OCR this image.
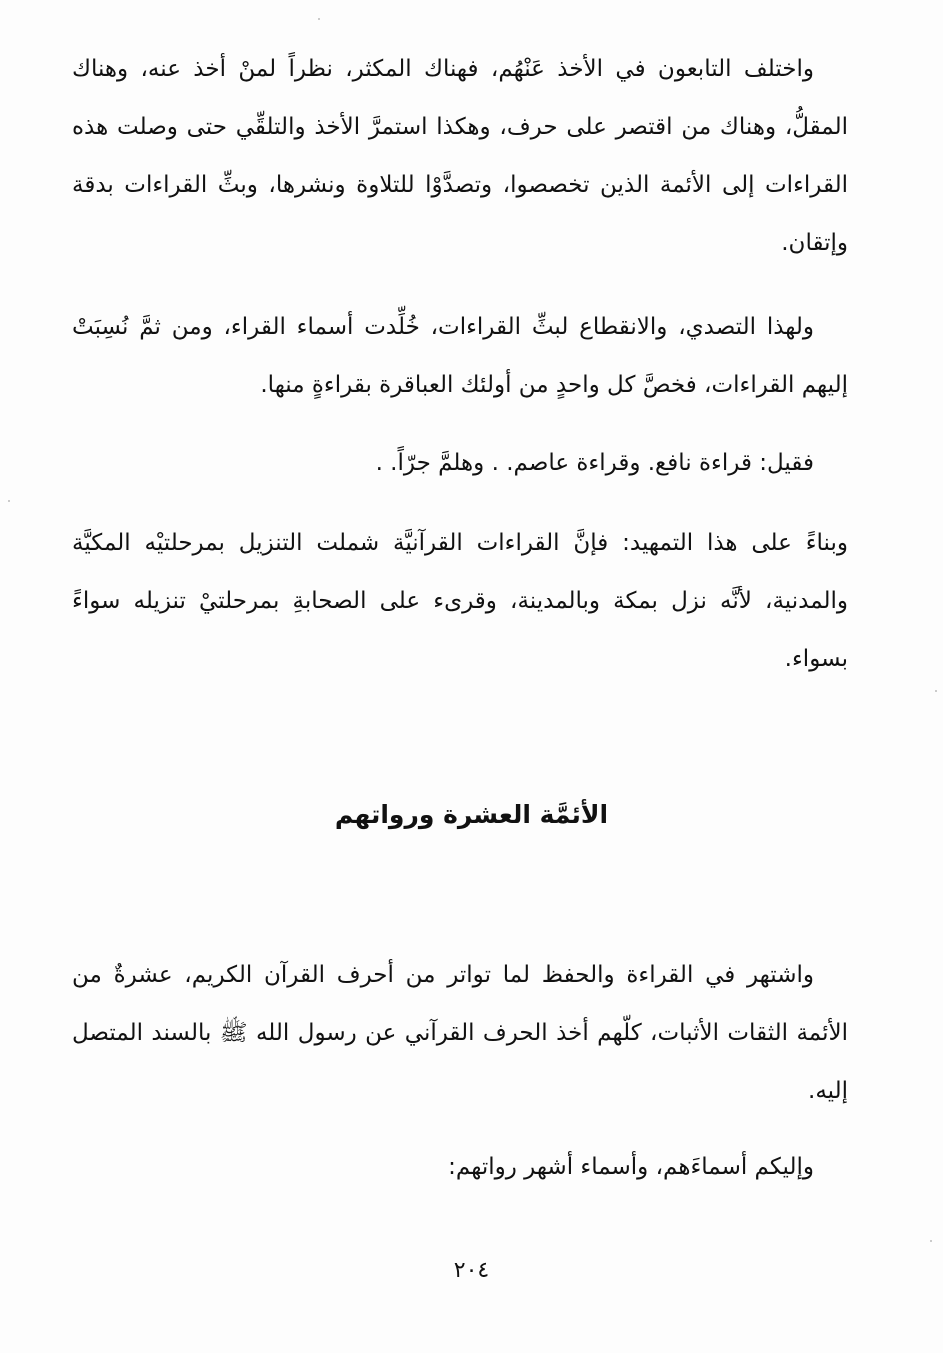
واختلف التابعون في الأخذ عَنْهُم، فهناك المكثر، نظراً لمنْ أخذ عنه، وهناك المقلُّ، وهناك من اقتصر على حرف، وهكذا استمرَّ الأخذ والتلقِّي حتى وصلت هذه القراءات إلى الأئمة الذين تخصصوا، وتصدَّوْا للتلاوة ونشرها، وبثِّ القراءات بدقة وإتقان.

ولهذا التصدي، والانقطاع لبثِّ القراءات، خُلِّدت أسماء القراء، ومن ثمَّ نُسِبَتْ إليهم القراءات، فخصَّ كل واحدٍ من أولئك العباقرة بقراءةٍ منها.

فقيل: قراءة نافع. وقراءة عاصم. . وهلمَّ جرّاً. .

وبناءً على هذا التمهيد: فإنَّ القراءات القرآنيَّة شملت التنزيل بمرحلتيْه المكيَّة والمدنية، لأنَّه نزل بمكة وبالمدينة، وقرىء على الصحابةِ بمرحلتيْ تنزيله سواءً بسواء.

الأئمَّة العشرة ورواتهم

واشتهر في القراءة والحفظ لما تواتر من أحرف القرآن الكريم، عشرةٌ من الأئمة الثقات الأثبات، كلّهم أخذ الحرف القرآني عن رسول الله ﷺ بالسند المتصل إليه.

وإليكم أسماءَهم، وأسماء أشهر رواتهم:

٢٠٤
